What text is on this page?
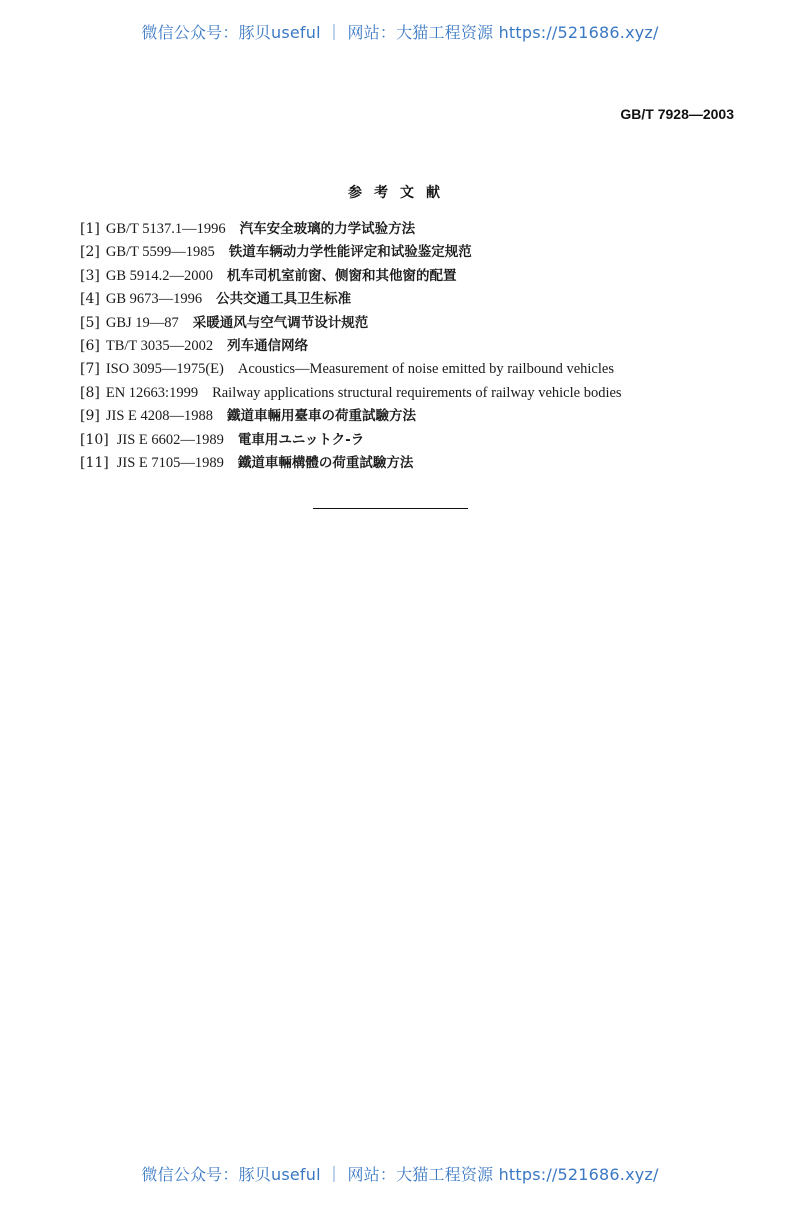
微信公众号：豚贝useful ｜ 网站：大猫工程资源 https://521686.xyz/
GB/T 7928—2003
参考文献
[1] GB/T 5137.1—1996 汽车安全玻璃的力学试验方法
[2] GB/T 5599—1985 铁道车辆动力学性能评定和试验鉴定规范
[3] GB 5914.2—2000 机车司机室前窗、侧窗和其他窗的配置
[4] GB 9673—1996 公共交通工具卫生标准
[5] GBJ 19—87 采暖通风与空气调节设计规范
[6] TB/T 3035—2002 列车通信网络
[7] ISO 3095—1975(E) Acoustics—Measurement of noise emitted by railbound vehicles
[8] EN 12663:1999 Railway applications structural requirements of railway vehicle bodies
[9] JIS E 4208—1988 鐵道車輛用臺車の荷重試驗方法
[10] JIS E 6602—1989 電車用ユニットク-ラ
[11] JIS E 7105—1989 鐵道車輛構體の荷重試驗方法
微信公众号：豚贝useful ｜ 网站：大猫工程资源 https://521686.xyz/
